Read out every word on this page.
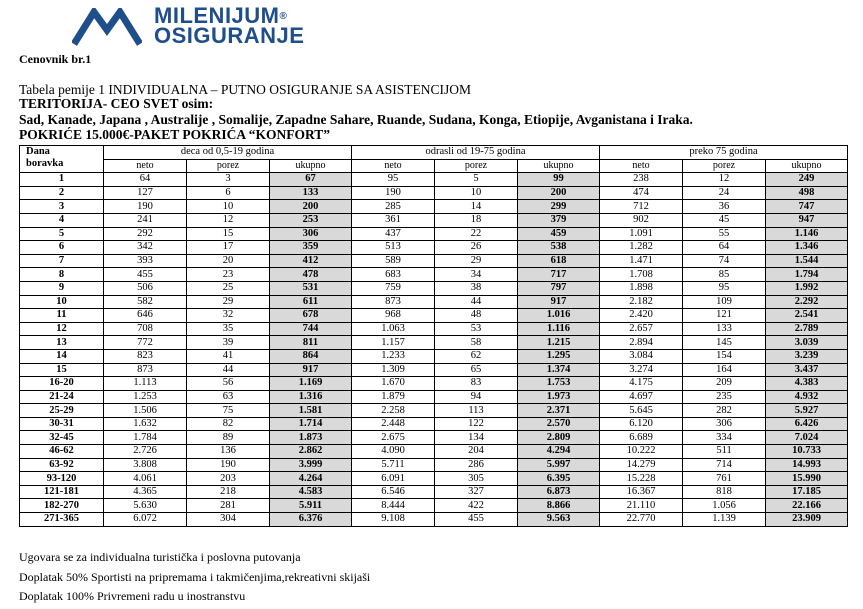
MILENIJUM®
OSIGURANJE
Cenovnik br.1
Tabela pemije 1 INDIVIDUALNA – PUTNO OSIGURANJE SA ASISTENCIJOM
TERITORIJA- CEO SVET osim:
Sad, Kanade, Japana , Australije , Somalije, Zapadne Sahare, Ruande, Sudana, Konga, Etiopije, Avganistana i Iraka.
POKRIĆE 15.000€-PAKET POKRIĆA “KONFORT”
Dana
boravka	deca od 0,5-19 godina			odrasli od 19-75 godina			preko 75 godina		
	neto	porez	ukupno	neto	porez	ukupno	neto	porez	ukupno
1	64	3	67	95	5	99	238	12	249
2	127	6	133	190	10	200	474	24	498
3	190	10	200	285	14	299	712	36	747
4	241	12	253	361	18	379	902	45	947
5	292	15	306	437	22	459	1.091	55	1.146
6	342	17	359	513	26	538	1.282	64	1.346
7	393	20	412	589	29	618	1.471	74	1.544
8	455	23	478	683	34	717	1.708	85	1.794
9	506	25	531	759	38	797	1.898	95	1.992
10	582	29	611	873	44	917	2.182	109	2.292
11	646	32	678	968	48	1.016	2.420	121	2.541
12	708	35	744	1.063	53	1.116	2.657	133	2.789
13	772	39	811	1.157	58	1.215	2.894	145	3.039
14	823	41	864	1.233	62	1.295	3.084	154	3.239
15	873	44	917	1.309	65	1.374	3.274	164	3.437
16-20	1.113	56	1.169	1.670	83	1.753	4.175	209	4.383
21-24	1.253	63	1.316	1.879	94	1.973	4.697	235	4.932
25-29	1.506	75	1.581	2.258	113	2.371	5.645	282	5.927
30-31	1.632	82	1.714	2.448	122	2.570	6.120	306	6.426
32-45	1.784	89	1.873	2.675	134	2.809	6.689	334	7.024
46-62	2.726	136	2.862	4.090	204	4.294	10.222	511	10.733
63-92	3.808	190	3.999	5.711	286	5.997	14.279	714	14.993
93-120	4.061	203	4.264	6.091	305	6.395	15.228	761	15.990
121-181	4.365	218	4.583	6.546	327	6.873	16.367	818	17.185
182-270	5.630	281	5.911	8.444	422	8.866	21.110	1.056	22.166
271-365	6.072	304	6.376	9.108	455	9.563	22.770	1.139	23.909
Ugovara se za individualna turistička i poslovna putovanja
Doplatak 50% Sportisti na pripremama i takmičenjima,rekreativni skijaši
Doplatak 100% Privremeni radu u inostranstvu
